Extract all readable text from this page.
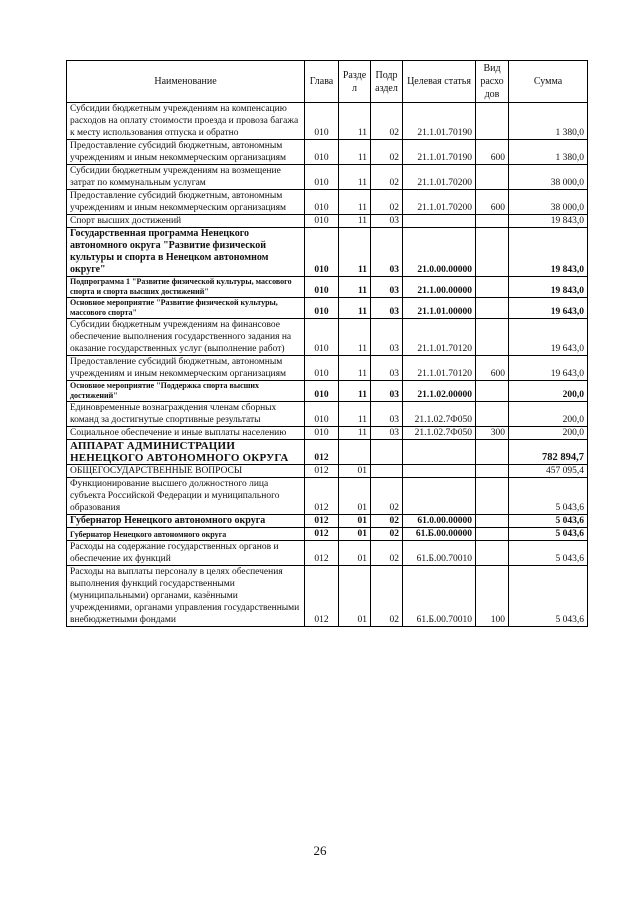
Наименование	Глава	Разде л	Подр аздел	Целевая статья	Вид расхо дов	Сумма
Субсидии бюджетным учреждениям на компенсацию расходов на оплату стоимости проезда и провоза багажа к месту использования отпуска и обратно	010	11	02	21.1.01.70190		1 380,0
Предоставление субсидий бюджетным, автономным учреждениям и иным некоммерческим организациям	010	11	02	21.1.01.70190	600	1 380,0
Субсидии бюджетным учреждениям на возмещение затрат по коммунальным услугам	010	11	02	21.1.01.70200		38 000,0
Предоставление субсидий бюджетным, автономным учреждениям и иным некоммерческим организациям	010	11	02	21.1.01.70200	600	38 000,0
Спорт высших достижений	010	11	03			19 843,0
Государственная программа Ненецкого автономного округа "Развитие физической культуры и спорта в Ненецком автономном округе"	010	11	03	21.0.00.00000		19 843,0
Подпрограмма 1 "Развитие физической культуры, массового спорта и спорта высших достижений"	010	11	03	21.1.00.00000		19 843,0
Основное мероприятие "Развитие физической культуры, массового спорта"	010	11	03	21.1.01.00000		19 643,0
Субсидии бюджетным учреждениям на финансовое обеспечение выполнения государственного задания на оказание государственных услуг (выполнение работ)	010	11	03	21.1.01.70120		19 643,0
Предоставление субсидий бюджетным, автономным учреждениям и иным некоммерческим организациям	010	11	03	21.1.01.70120	600	19 643,0
Основное мероприятие "Поддержка спорта высших достижений"	010	11	03	21.1.02.00000		200,0
Единовременные вознаграждения членам сборных команд за достигнутые спортивные результаты	010	11	03	21.1.02.7Ф050		200,0
Социальное обеспечение и иные выплаты населению	010	11	03	21.1.02.7Ф050	300	200,0
АППАРАТ АДМИНИСТРАЦИИ НЕНЕЦКОГО АВТОНОМНОГО ОКРУГА	012					782 894,7
ОБЩЕГОСУДАРСТВЕННЫЕ ВОПРОСЫ	012	01				457 095,4
Функционирование высшего должностного лица субъекта Российской Федерации и муниципального образования	012	01	02			5 043,6
Губернатор Ненецкого автономного округа	012	01	02	61.0.00.00000		5 043,6
Губернатор Ненецкого автономного округа	012	01	02	61.Б.00.00000		5 043,6
Расходы на содержание государственных органов и обеспечение их функций	012	01	02	61.Б.00.70010		5 043,6
Расходы на выплаты персоналу в целях обеспечения выполнения функций государственными (муниципальными) органами, казёнными учреждениями, органами управления государственными внебюджетными фондами	012	01	02	61.Б.00.70010	100	5 043,6
26
